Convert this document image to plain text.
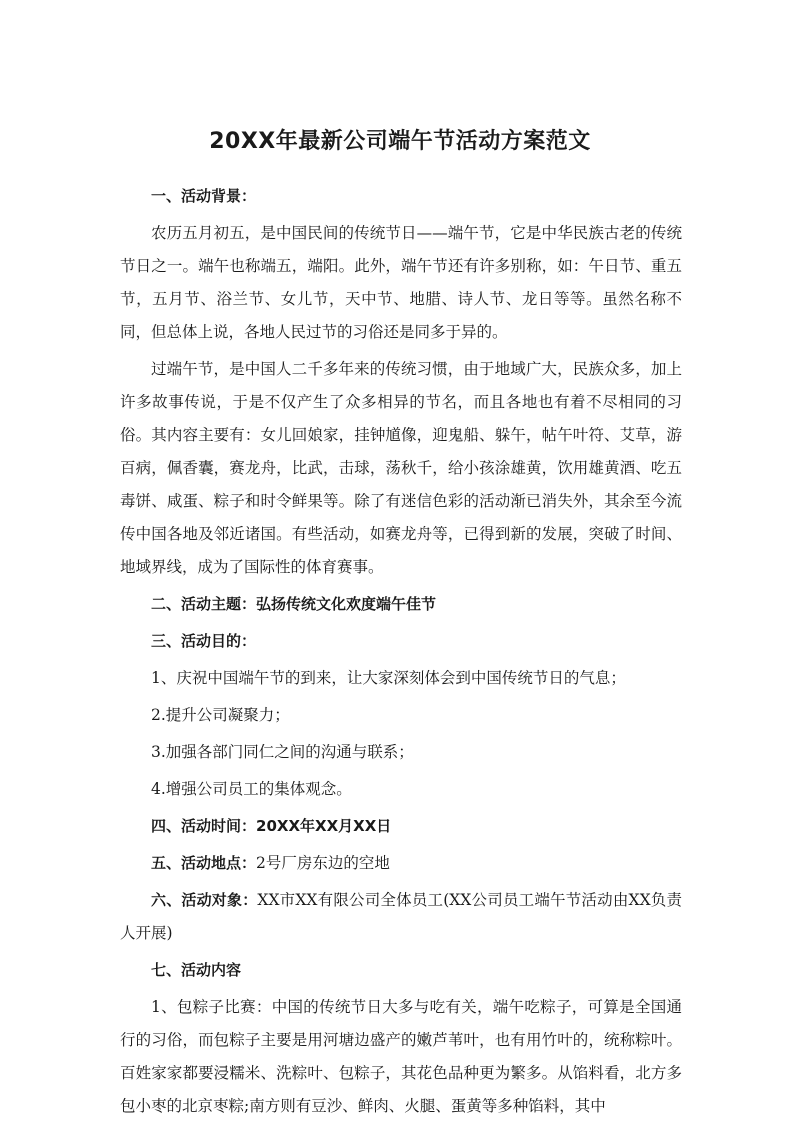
20XX年最新公司端午节活动方案范文

一、活动背景：

农历五月初五，是中国民间的传统节日——端午节，它是中华民族古老的传统节日之一。端午也称端五，端阳。此外，端午节还有许多别称，如：午日节、重五节，五月节、浴兰节、女儿节，天中节、地腊、诗人节、龙日等等。虽然名称不同，但总体上说，各地人民过节的习俗还是同多于异的。

过端午节，是中国人二千多年来的传统习惯，由于地域广大，民族众多，加上许多故事传说，于是不仅产生了众多相异的节名，而且各地也有着不尽相同的习俗。其内容主要有：女儿回娘家，挂钟馗像，迎鬼船、躲午，帖午叶符、艾草，游百病，佩香囊，赛龙舟，比武，击球，荡秋千，给小孩涂雄黄，饮用雄黄酒、吃五毒饼、咸蛋、粽子和时令鲜果等。除了有迷信色彩的活动渐已消失外，其余至今流传中国各地及邻近诸国。有些活动，如赛龙舟等，已得到新的发展，突破了时间、地域界线，成为了国际性的体育赛事。

二、活动主题：弘扬传统文化欢度端午佳节

三、活动目的：

1、庆祝中国端午节的到来，让大家深刻体会到中国传统节日的气息；

2.提升公司凝聚力；

3.加强各部门同仁之间的沟通与联系；

4.增强公司员工的集体观念。

四、活动时间：20XX年XX月XX日

五、活动地点：2号厂房东边的空地

六、活动对象：XX市XX有限公司全体员工(XX公司员工端午节活动由XX负责人开展)

七、活动内容

1、包粽子比赛：中国的传统节日大多与吃有关，端午吃粽子，可算是全国通行的习俗，而包粽子主要是用河塘边盛产的嫩芦苇叶，也有用竹叶的，统称粽叶。百姓家家都要浸糯米、洗粽叶、包粽子，其花色品种更为繁多。从馅料看，北方多包小枣的北京枣粽;南方则有豆沙、鲜肉、火腿、蛋黄等多种馅料，其中
